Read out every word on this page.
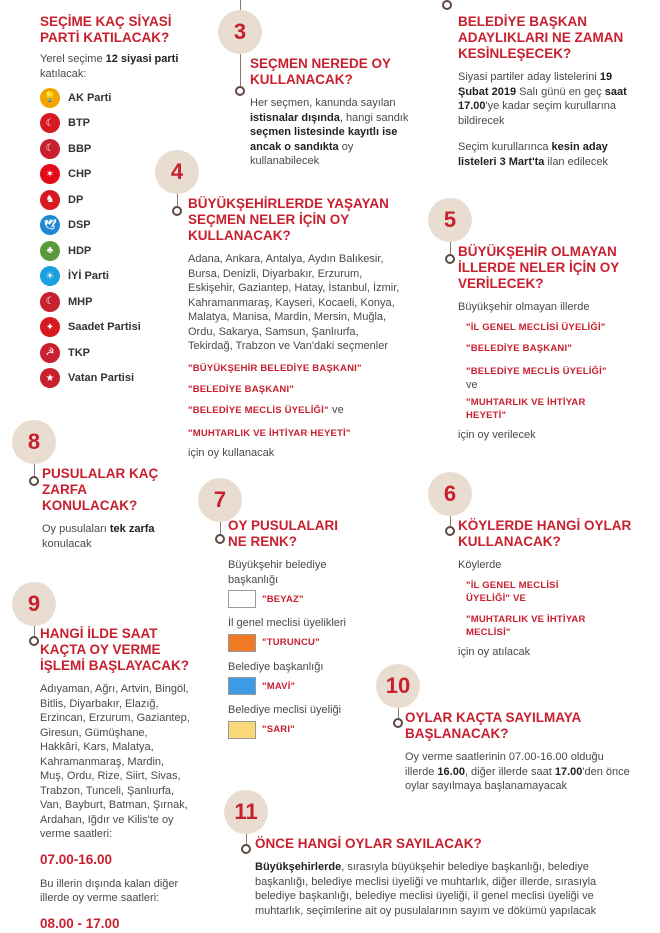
SEÇİME KAÇ SİYASİ PARTİ KATILACAK?

Yerel seçime 12 siyasi parti katılacak:

💡	AK Parti
☾	BTP
☾	BBP
✶	CHP
♞	DP
🕊	DSP
♣	HDP
☀	İYİ Parti
☾	MHP
✦	Saadet Partisi
☭	TKP
★	Vatan Partisi
3

SEÇMEN NEREDE OY KULLANACAK?

Her seçmen, kanunda sayılan istisnalar dışında, hangi sandık seçmen listesinde kayıtlı ise ancak o sandıkta oy kullanabilecek

BELEDİYE BAŞKAN ADAYLIKLARI NE ZAMAN KESİNLEŞECEK?

Siyasi partiler aday listelerini 19 Şubat 2019 Salı günü en geç saat 17.00'ye kadar seçim kurullarına bildirecek

Seçim kurullarınca kesin aday listeleri 3 Mart'ta ilan edilecek

4

BÜYÜKŞEHİRLERDE YAŞAYAN SEÇMEN NELER İÇİN OY KULLANACAK?

Adana, Ankara, Antalya, Aydın Balıkesir, Bursa, Denizli, Diyarbakır, Erzurum, Eskişehir, Gaziantep, Hatay, İstanbul, İzmir, Kahramanmaraş, Kayseri, Kocaeli, Konya, Malatya, Manisa, Mardin, Mersin, Muğla, Ordu, Sakarya, Samsun, Şanlıurfa, Tekirdağ, Trabzon ve Van'daki seçmenler

"BÜYÜKŞEHİR BELEDİYE BAŞKANI"

"BELEDİYE BAŞKANI"

"BELEDİYE MECLİS ÜYELİĞİ" ve

"MUHTARLIK VE İHTİYAR HEYETİ"

için oy kullanacak

5

BÜYÜKŞEHİR OLMAYAN İLLERDE NELER İÇİN OY VERİLECEK?

Büyükşehir olmayan illerde

"İL GENEL MECLİSİ ÜYELİĞİ"

"BELEDİYE BAŞKANI"

"BELEDİYE MECLİS ÜYELİĞİ"

ve

"MUHTARLIK VE İHTİYAR HEYETİ"

için oy verilecek

8

PUSULALAR KAÇ ZARFA KONULACAK?

Oy pusulaları tek zarfa konulacak

7

OY PUSULALARI NE RENK?

Büyükşehir belediye başkanlığı

"BEYAZ"

İl genel meclisi üyelikleri

"TURUNCU"

Belediye başkanlığı

"MAVİ"

Belediye meclisi üyeliği

"SARI"
6

KÖYLERDE HANGİ OYLAR KULLANACAK?

Köylerde

"İL GENEL MECLİSİ ÜYELİĞİ" VE

"MUHTARLIK VE İHTİYAR MECLİSİ"

için oy atılacak

9

HANGİ İLDE SAAT KAÇTA OY VERME İŞLEMİ BAŞLAYACAK?

Adıyaman, Ağrı, Artvin, Bingöl, Bitlis, Diyarbakır, Elazığ, Erzincan, Erzurum, Gaziantep, Giresun, Gümüşhane, Hakkâri, Kars, Malatya, Kahramanmaraş, Mardin, Muş, Ordu, Rize, Siirt, Sivas, Trabzon, Tunceli, Şanlıurfa, Van, Bayburt, Batman, Şırnak, Ardahan, Iğdır ve Kilis'te oy verme saatleri:

07.00-16.00

Bu illerin dışında kalan diğer illerde oy verme saatleri:

08.00 - 17.00

10

OYLAR KAÇTA SAYILMAYA BAŞLANACAK?

Oy verme saatlerinin 07.00-16.00 olduğu illerde 16.00, diğer illerde saat 17.00'den önce oylar sayılmaya başlanamayacak

11

ÖNCE HANGİ OYLAR SAYILACAK?

Büyükşehirlerde, sırasıyla büyükşehir belediye başkanlığı, belediye başkanlığı, belediye meclisi üyeliği ve muhtarlık, diğer illerde, sırasıyla belediye başkanlığı, belediye meclisi üyeliği, il genel meclisi üyeliği ve muhtarlık, seçimlerine ait oy pusulalarının sayım ve dökümü yapılacak
